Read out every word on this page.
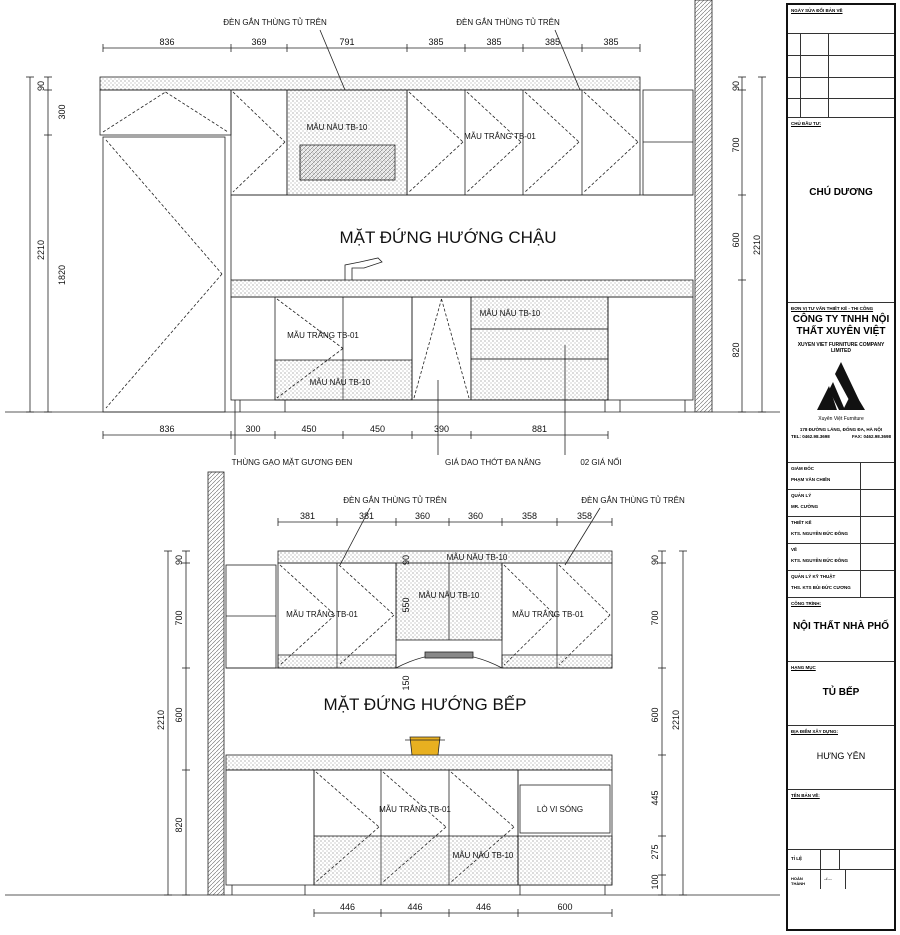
836	369	791	385	385	385	385
836	300	450	450	390	881
90
300
2210
1820
90
700
600 2210
820
MẶT ĐỨNG HƯỚNG CHẬU
ĐÈN GẮN THÙNG TỦ TRÊN	ĐÈN GẮN THÙNG TỦ TRÊN
MẪU NÂU TB-10
MẪU TRẮNG TB-01
MẪU TRẮNG TB-01
MẪU NÂU TB-10
MẪU NÂU TB-10
THÙNG GẠO MẶT GƯƠNG ĐEN	GIÁ DAO THỚT ĐA NĂNG	02 GIÁ NỐI
381	381	360	360	358	358
446	446	446	600
90
700
2210 600
820
90
700
600 2210
445
275
100
90
550
150
MẶT ĐỨNG HƯỚNG BẾP
ĐÈN GẮN THÙNG TỦ TRÊN	ĐÈN GẮN THÙNG TỦ TRÊN
MẪU NÂU TB-10
MẪU TRẮNG TB-01
MẪU NÂU TB-10
MẪU TRẮNG TB-01
MẪU TRẮNG TB-01
MẪU NÂU TB-10
LÒ VI SÓNG
NGÀY SỬA ĐỔI BẢN VẼ
CHỦ ĐẦU TƯ:
CHÚ DƯƠNG
ĐƠN VỊ TƯ VẤN THIẾT KẾ - THI CÔNG
CÔNG TY TNHH NỘI THẤT XUYÊN VIỆT
XUYEN VIET FURNITURE COMPANY LIMITED
Xuyên Việt Furniture
178 ĐƯỜNG LÁNG, ĐỐNG ĐA, HÀ NỘI
TEL: 0462.98.3698	FAX: 0462.98.3698
GIÁM ĐỐC
PHẠM VĂN CHIẾN
QUẢN LÝ
MR. CƯỜNG
THIẾT KẾ
KTS. NGUYỄN ĐỨC ĐÔNG
VẼ
KTS. NGUYỄN ĐỨC ĐÔNG
QUẢN LÝ KỸ THUẬT
THS. KTS BÙI ĐỨC CƯƠNG
CÔNG TRÌNH:
NỘI THẤT NHÀ PHỐ
HẠNG MỤC
TỦ BẾP
ĐỊA ĐIỂM XÂY DỰNG:
HƯNG YÊN
TÊN BẢN VẼ:
TỈ LỆ
HOÀN THÀNH
../....
